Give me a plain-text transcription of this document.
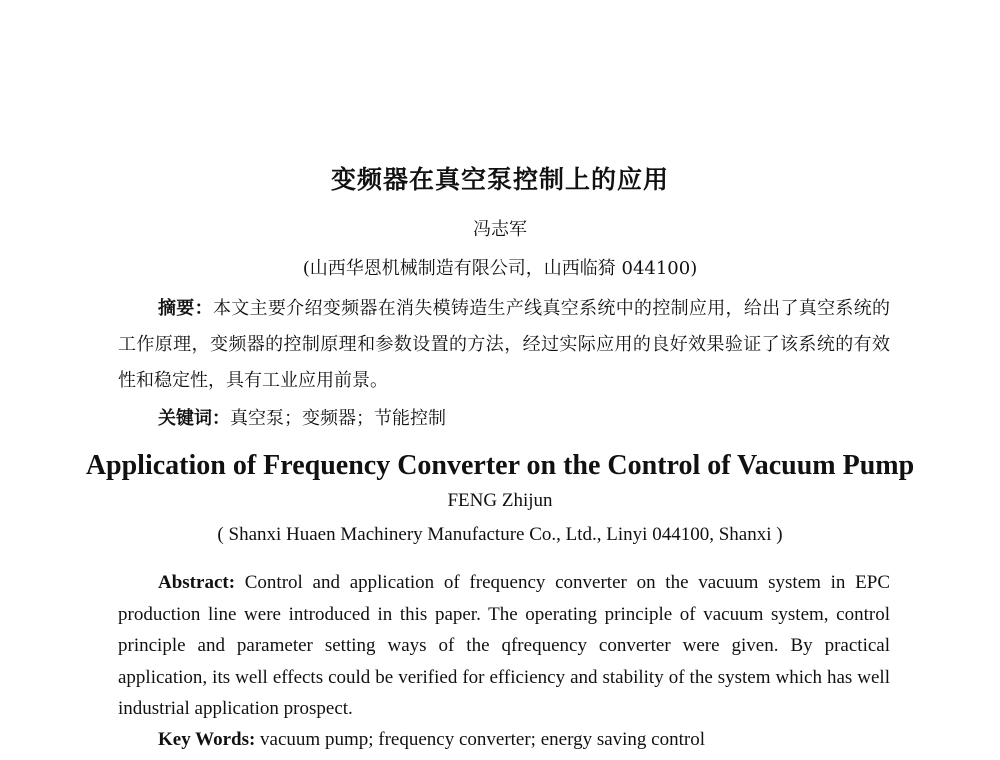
变频器在真空泵控制上的应用
冯志军
(山西华恩机械制造有限公司，山西临猗 044100)

摘要：本文主要介绍变频器在消失模铸造生产线真空系统中的控制应用，给出了真空系统的工作原理，变频器的控制原理和参数设置的方法，经过实际应用的良好效果验证了该系统的有效性和稳定性，具有工业应用前景。

关键词：真空泵；变频器；节能控制
Application of Frequency Converter on the Control of Vacuum Pump
FENG Zhijun
( Shanxi Huaen Machinery Manufacture Co., Ltd., Linyi 044100, Shanxi )

Abstract: Control and application of frequency converter on the vacuum system in EPC production line were introduced in this paper. The operating principle of vacuum system, control principle and parameter setting ways of the qfrequency converter were given. By practical application, its well effects could be verified for efficiency and stability of the system which has well industrial application prospect.

Key Words: vacuum pump; frequency converter; energy saving control
